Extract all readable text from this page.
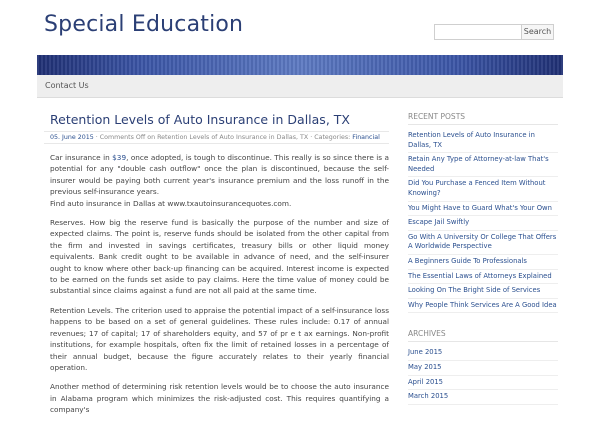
Special Education	Search
Contact Us
Retention Levels of Auto Insurance in Dallas, TX
05. June 2015 · Comments Off on Retention Levels of Auto Insurance in Dallas, TX · Categories: Financial

Car insurance in $39, once adopted, is tough to discontinue. This really is so since there is a potential for any "double cash outflow" once the plan is discontinued, because the self-insurer would be paying both current year's insurance premium and the loss runoff in the previous self-insurance years.
Find auto insurance in Dallas at www.txautoinsurancequotes.com.

Reserves. How big the reserve fund is basically the purpose of the number and size of expected claims. The point is, reserve funds should be isolated from the other capital from the firm and invested in savings certificates, treasury bills or other liquid money equivalents. Bank credit ought to be available in advance of need, and the self-insurer ought to know where other back-up financing can be acquired. Interest income is expected to be earned on the funds set aside to pay claims. Here the time value of money could be substantial since claims against a fund are not all paid at the same time.

Retention Levels. The criterion used to appraise the potential impact of a self-insurance loss happens to be based on a set of general guidelines. These rules include: 0.17 of annual revenues; 17 of capital; 17 of shareholders equity, and 57 of pr e t ax earnings. Non-profit institutions, for example hospitals, often fix the limit of retained losses in a percentage of their annual budget, because the figure accurately relates to their yearly financial operation.

Another method of determining risk retention levels would be to choose the auto insurance in Alabama program which minimizes the risk-adjusted cost. This requires quantifying a company's

RECENT POSTS
Retention Levels of Auto Insurance in Dallas, TX
Retain Any Type of Attorney-at-law That's Needed
Did You Purchase a Fenced Item Without Knowing?
You Might Have to Guard What's Your Own
Escape Jail Swiftly
Go With A University Or College That Offers A Worldwide Perspective
A Beginners Guide To Professionals
The Essential Laws of Attorneys Explained
Looking On The Bright Side of Services
Why People Think Services Are A Good Idea
ARCHIVES
June 2015
May 2015
April 2015
March 2015
